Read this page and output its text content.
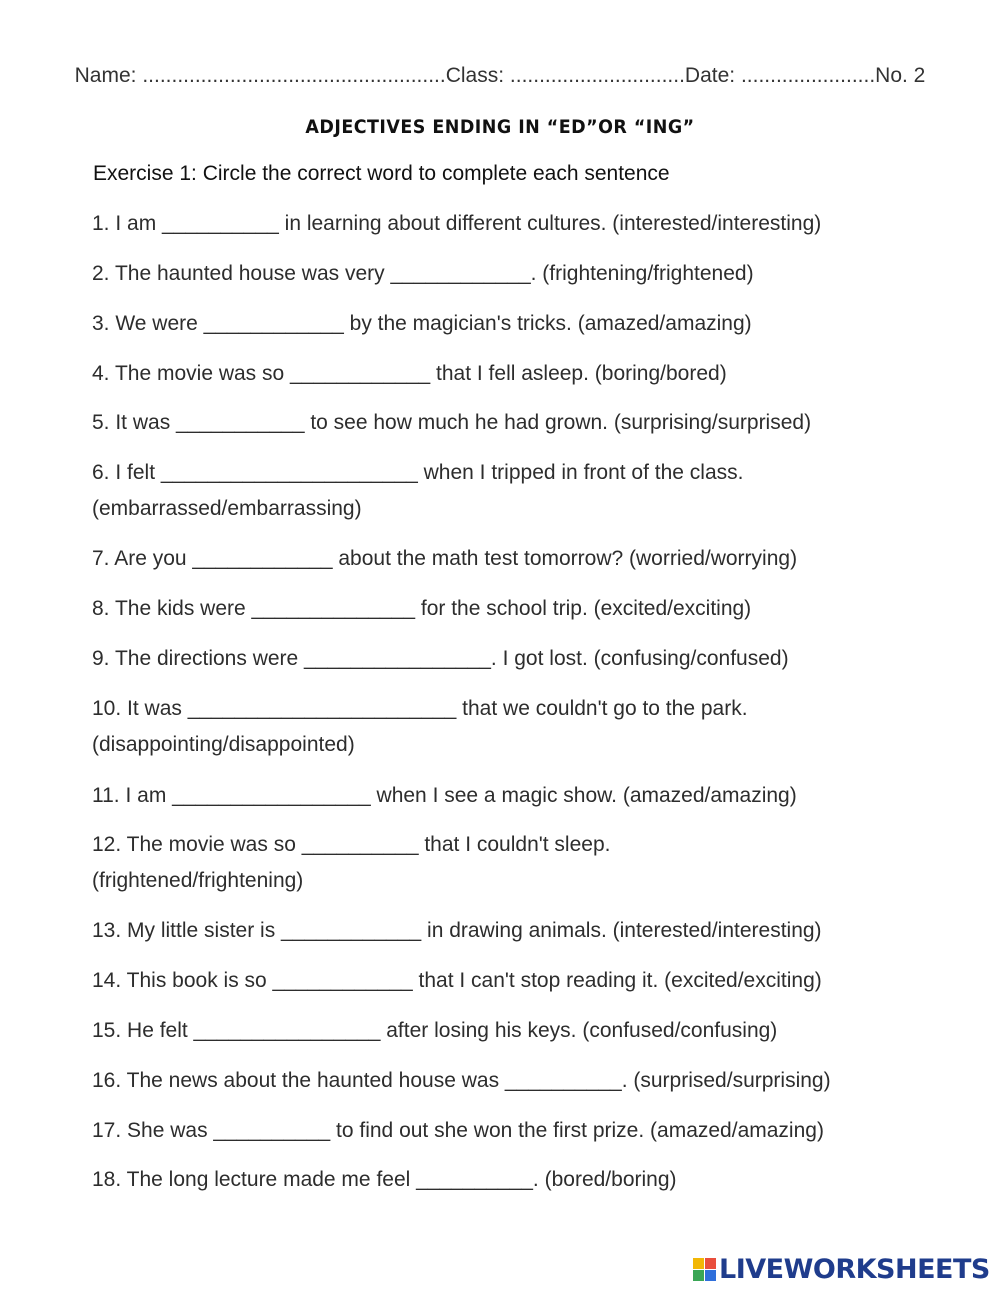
Name: ....................................................Class: ..............................Date: .......................No. 2
ADJECTIVES ENDING IN “ED”OR “ING”
Exercise 1: Circle the correct word to complete each sentence
1. I am __________ in learning about different cultures. (interested/interesting)
2. The haunted house was very ____________. (frightening/frightened)
3. We were ____________ by the magician's tricks. (amazed/amazing)
4. The movie was so ____________ that I fell asleep. (boring/bored)
5. It was ___________ to see how much he had grown. (surprising/surprised)
6. I felt ______________________ when I tripped in front of the class.
(embarrassed/embarrassing)
7. Are you ____________ about the math test tomorrow? (worried/worrying)
8. The kids were ______________ for the school trip. (excited/exciting)
9. The directions were ________________. I got lost. (confusing/confused)
10. It was _______________________ that we couldn't go to the park.
(disappointing/disappointed)
11. I am _________________ when I see a magic show. (amazed/amazing)
12. The movie was so __________ that I couldn't sleep.
(frightened/frightening)
13. My little sister is ____________ in drawing animals. (interested/interesting)
14. This book is so ____________ that I can't stop reading it. (excited/exciting)
15. He felt ________________ after losing his keys. (confused/confusing)
16. The news about the haunted house was __________. (surprised/surprising)
17. She was __________ to find out she won the first prize. (amazed/amazing)
18. The long lecture made me feel __________. (bored/boring)
LIVEWORKSHEETS
